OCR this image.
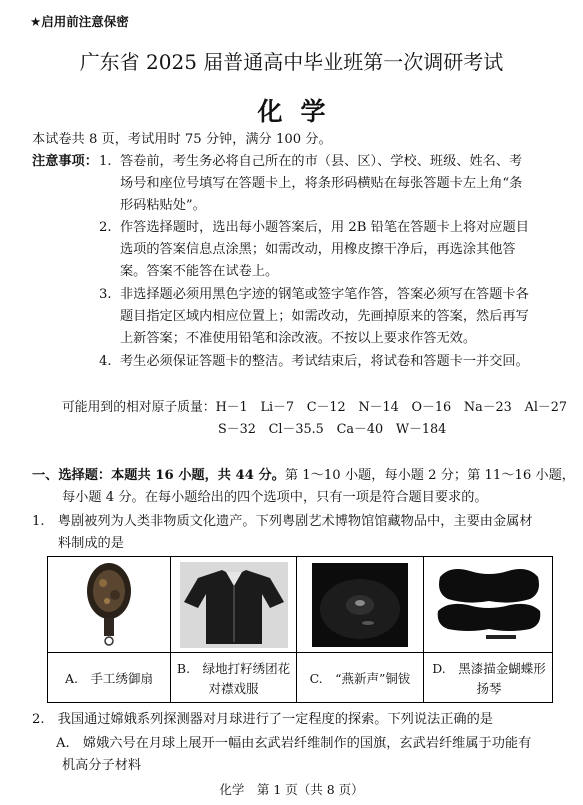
★启用前注意保密
广东省 2025 届普通高中毕业班第一次调研考试
化学
本试卷共 8 页，考试用时 75 分钟，满分 100 分。
注意事项： 1. 答卷前，考生务必将自己所在的市（县、区）、学校、班级、姓名、考
场号和座位号填写在答题卡上，将条形码横贴在每张答题卡左上角“条
形码粘贴处”。
2. 作答选择题时，选出每小题答案后，用 2B 铅笔在答题卡上将对应题目
选项的答案信息点涂黑；如需改动，用橡皮擦干净后，再选涂其他答
案。答案不能答在试卷上。
3. 非选择题必须用黑色字迹的钢笔或签字笔作答，答案必须写在答题卡各
题目指定区域内相应位置上；如需改动，先画掉原来的答案，然后再写
上新答案；不准使用铅笔和涂改液。不按以上要求作答无效。
4. 考生必须保证答题卡的整洁。考试结束后，将试卷和答题卡一并交回。
可能用到的相对原子质量：H－1　Li－7　C－12　N－14　O－16　Na－23　Al－27
S－32　Cl－35.5　Ca－40　W－184
一、选择题：本题共 16 小题，共 44 分。第 1～10 小题，每小题 2 分；第 11～16 小题，
每小题 4 分。在每小题给出的四个选项中，只有一项是符合题目要求的。
1.　粤剧被列为人类非物质文化遗产。下列粤剧艺术博物馆馆藏物品中，主要由金属材
料制成的是
A.　手工绣御扇
B.　绿地打籽绣团花对襟戏服
C.　“燕新声”铜钹
D.　黑漆描金蝴蝶形扬琴
2.　我国通过嫦娥系列探测器对月球进行了一定程度的探索。下列说法正确的是
A.　嫦娥六号在月球上展开一幅由玄武岩纤维制作的国旗，玄武岩纤维属于功能有
机高分子材料
化学　第 1 页（共 8 页）
